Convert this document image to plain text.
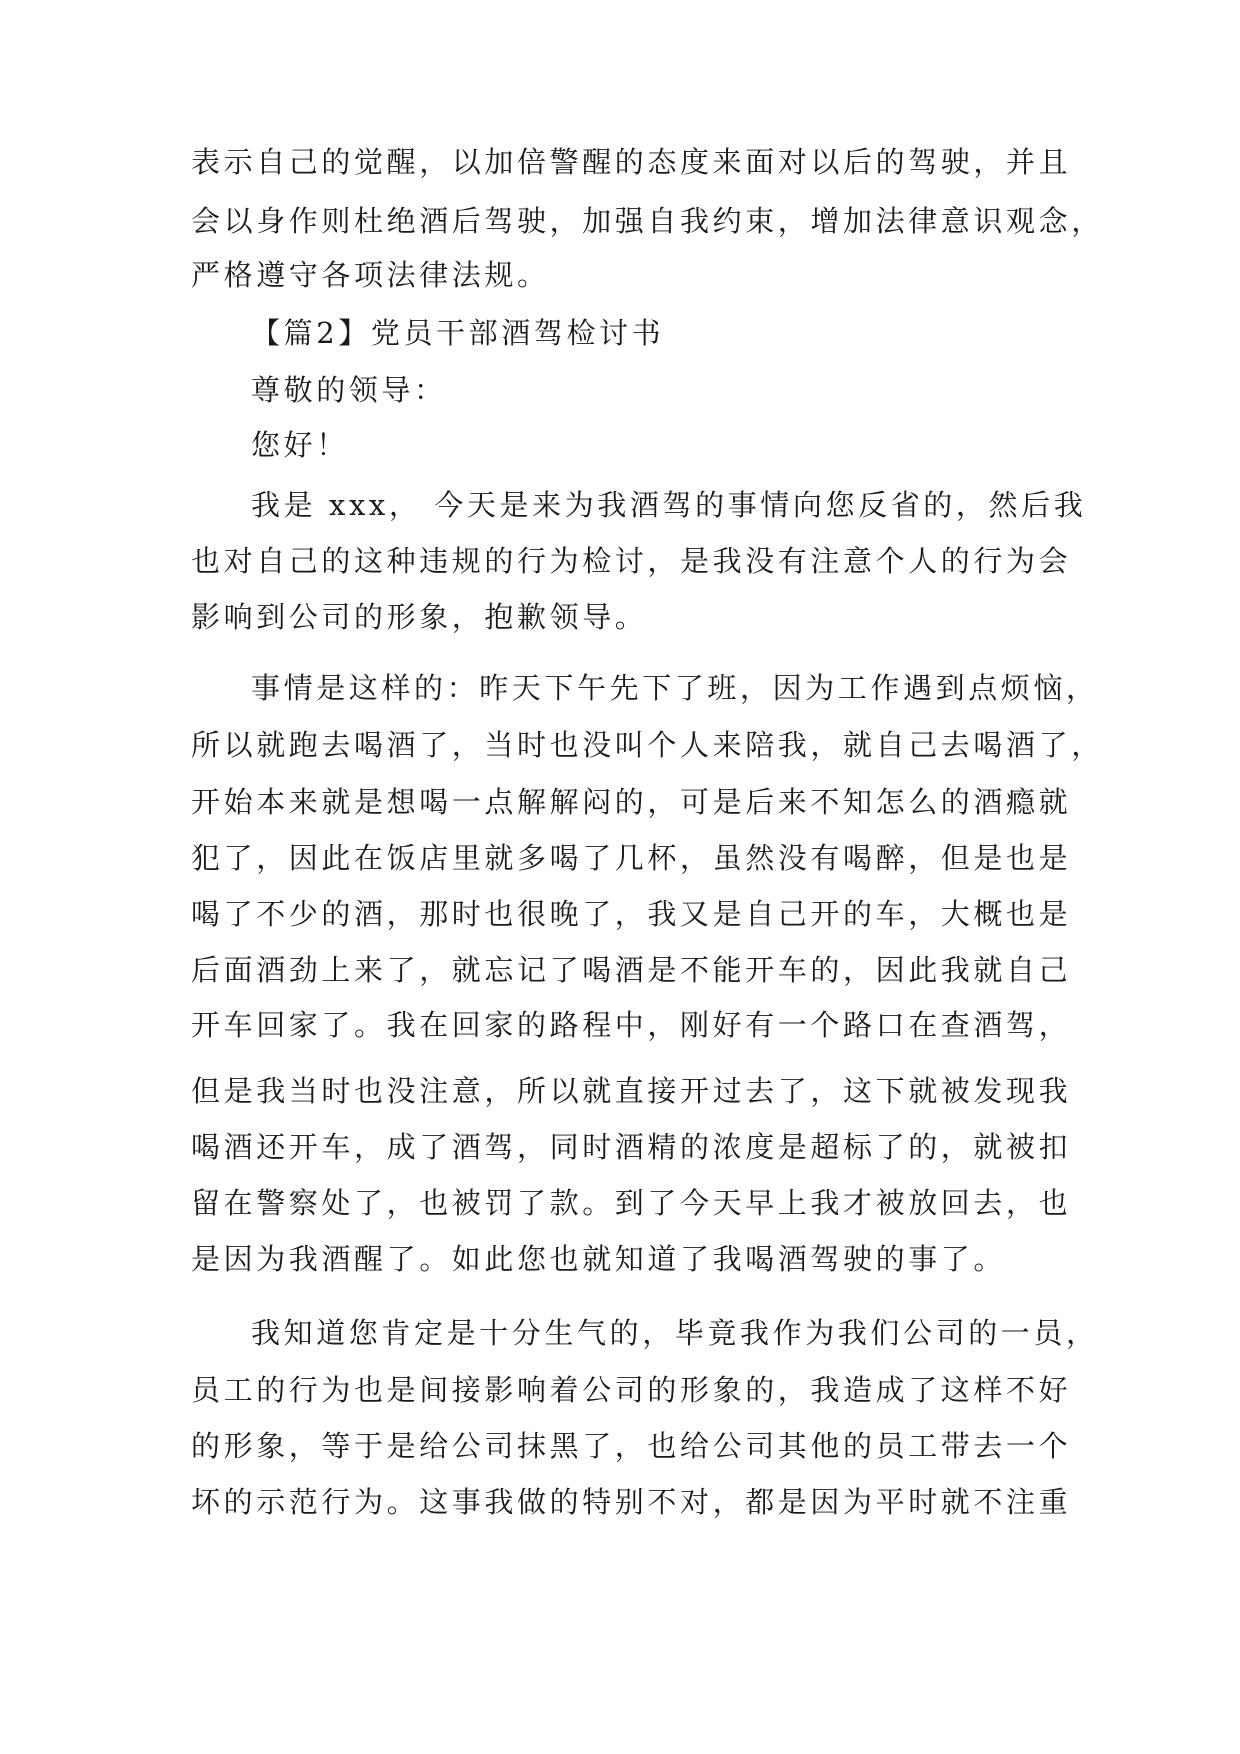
表示自己的觉醒，以加倍警醒的态度来面对以后的驾驶，并且
会以身作则杜绝酒后驾驶，加强自我约束，增加法律意识观念，
严格遵守各项法律法规。
【篇2】党员干部酒驾检讨书
尊敬的领导：
您好！
我是 xxx， 今天是来为我酒驾的事情向您反省的，然后我
也对自己的这种违规的行为检讨，是我没有注意个人的行为会
影响到公司的形象，抱歉领导。
事情是这样的：昨天下午先下了班，因为工作遇到点烦恼，
所以就跑去喝酒了，当时也没叫个人来陪我，就自己去喝酒了，
开始本来就是想喝一点解解闷的，可是后来不知怎么的酒瘾就
犯了，因此在饭店里就多喝了几杯，虽然没有喝醉，但是也是
喝了不少的酒，那时也很晚了，我又是自己开的车，大概也是
后面酒劲上来了，就忘记了喝酒是不能开车的，因此我就自己
开车回家了。我在回家的路程中，刚好有一个路口在查酒驾，
但是我当时也没注意，所以就直接开过去了，这下就被发现我
喝酒还开车，成了酒驾，同时酒精的浓度是超标了的，就被扣
留在警察处了，也被罚了款。到了今天早上我才被放回去，也
是因为我酒醒了。如此您也就知道了我喝酒驾驶的事了。
我知道您肯定是十分生气的，毕竟我作为我们公司的一员，
员工的行为也是间接影响着公司的形象的，我造成了这样不好
的形象，等于是给公司抹黑了，也给公司其他的员工带去一个
坏的示范行为。这事我做的特别不对，都是因为平时就不注重
